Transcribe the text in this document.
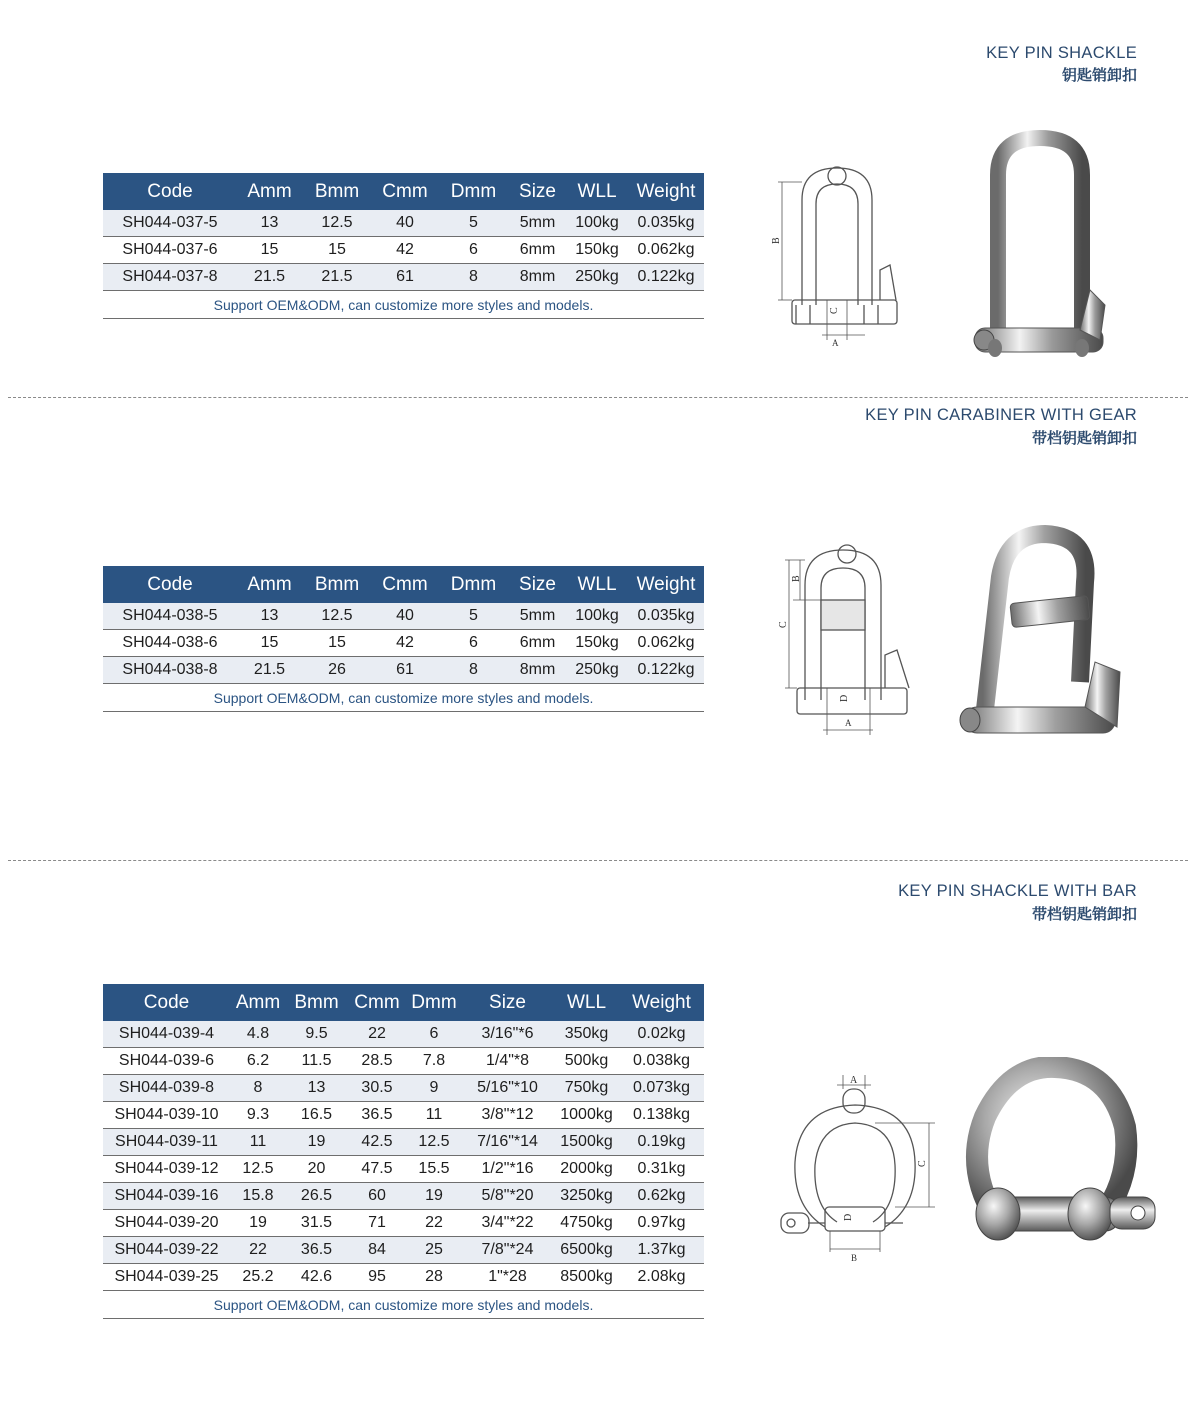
KEY PIN SHACKLE
钥匙销卸扣
Code	Amm	Bmm	Cmm	Dmm	Size	WLL	Weight
SH044-037-5	13	12.5	40	5	5mm	100kg	0.035kg
SH044-037-6	15	15	42	6	6mm	150kg	0.062kg
SH044-037-8	21.5	21.5	61	8	8mm	250kg	0.122kg
Support OEM&ODM, can customize more styles and models.							
B
C
A
KEY PIN CARABINER WITH GEAR
带档钥匙销卸扣
Code	Amm	Bmm	Cmm	Dmm	Size	WLL	Weight
SH044-038-5	13	12.5	40	5	5mm	100kg	0.035kg
SH044-038-6	15	15	42	6	6mm	150kg	0.062kg
SH044-038-8	21.5	26	61	8	8mm	250kg	0.122kg
Support OEM&ODM, can customize more styles and models.							
B
C
D
A
KEY PIN SHACKLE WITH BAR
带档钥匙销卸扣
Code	Amm	Bmm	Cmm	Dmm	Size	WLL	Weight
SH044-039-4	4.8	9.5	22	6	3/16"*6	350kg	0.02kg
SH044-039-6	6.2	11.5	28.5	7.8	1/4"*8	500kg	0.038kg
SH044-039-8	8	13	30.5	9	5/16"*10	750kg	0.073kg
SH044-039-10	9.3	16.5	36.5	11	3/8"*12	1000kg	0.138kg
SH044-039-11	11	19	42.5	12.5	7/16"*14	1500kg	0.19kg
SH044-039-12	12.5	20	47.5	15.5	1/2"*16	2000kg	0.31kg
SH044-039-16	15.8	26.5	60	19	5/8"*20	3250kg	0.62kg
SH044-039-20	19	31.5	71	22	3/4"*22	4750kg	0.97kg
SH044-039-22	22	36.5	84	25	7/8"*24	6500kg	1.37kg
SH044-039-25	25.2	42.6	95	28	1"*28	8500kg	2.08kg
Support OEM&ODM, can customize more styles and models.							
A
C
D
B
